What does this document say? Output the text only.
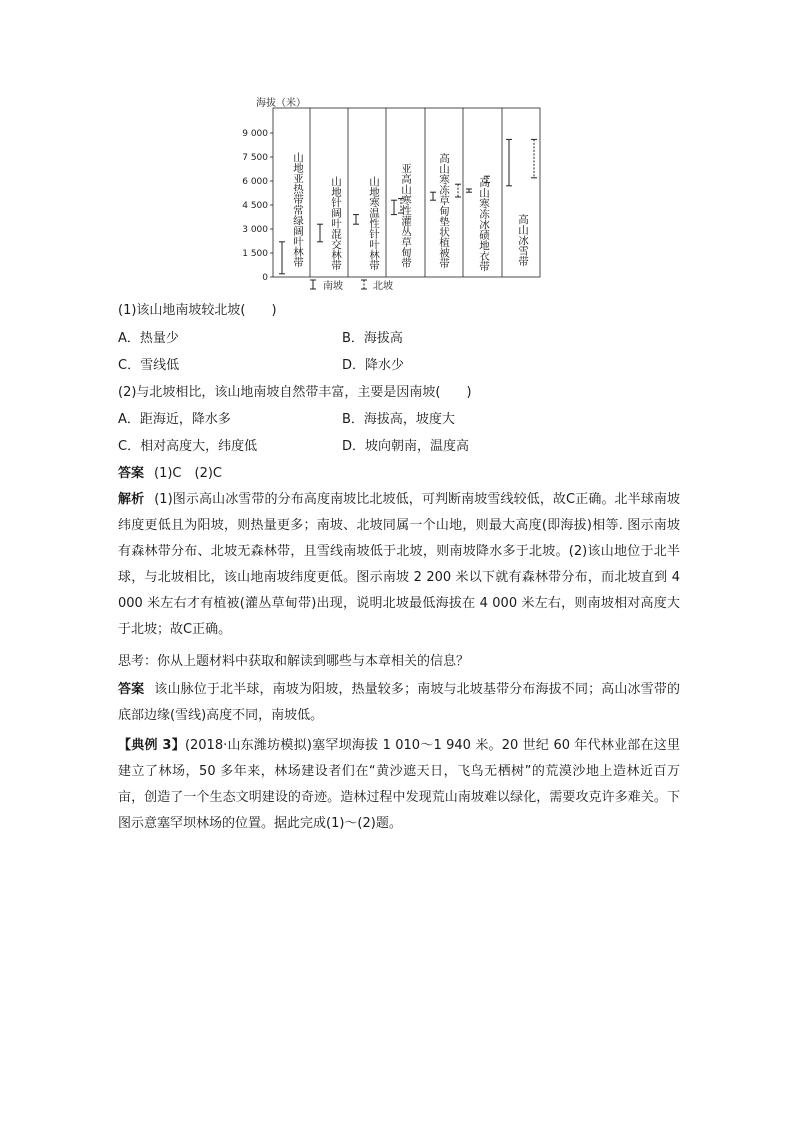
海拔（米）
9 000
7 500
6 000
4 500
3 000
1 500
0
南坡	北坡
山地亚热带常绿阔叶林带 山地针阔叶混交林带 山地寒温性针叶林带 亚高山寒性灌丛草甸带 高山寒冻草甸垫状植被带	高山寒冻冰碛地衣带	高山冰雪带
(1)该山地南坡较北坡(　　)
A．热量少	B．海拔高
C．雪线低	D．降水少
(2)与北坡相比，该山地南坡自然带丰富，主要是因南坡(　　)
A．距海近，降水多	B．海拔高，坡度大
C．相对高度大，纬度低	D．坡向朝南，温度高
答案 (1)C　(2)C
解析 (1)图示高山冰雪带的分布高度南坡比北坡低，可判断南坡雪线较低，故C正确。北半球南坡纬度更低且为阳坡，则热量更多；南坡、北坡同属一个山地，则最大高度(即海拔)相等. 图示南坡有森林带分布、北坡无森林带，且雪线南坡低于北坡，则南坡降水多于北坡。(2)该山地位于北半球，与北坡相比，该山地南坡纬度更低。图示南坡 2 200 米以下就有森林带分布，而北坡直到 4 000 米左右才有植被(灌丛草甸带)出现，说明北坡最低海拔在 4 000 米左右，则南坡相对高度大于北坡；故C正确。
思考：你从上题材料中获取和解读到哪些与本章相关的信息？
答案 该山脉位于北半球，南坡为阳坡，热量较多；南坡与北坡基带分布海拔不同；高山冰雪带的底部边缘(雪线)高度不同，南坡低。
【典例 3】(2018·山东潍坊模拟)塞罕坝海拔 1 010～1 940 米。20 世纪 60 年代林业部在这里建立了林场，50 多年来，林场建设者们在“黄沙遮天日，飞鸟无栖树”的荒漠沙地上造林近百万亩，创造了一个生态文明建设的奇迹。造林过程中发现荒山南坡难以绿化，需要攻克许多难关。下图示意塞罕坝林场的位置。据此完成(1)～(2)题。
